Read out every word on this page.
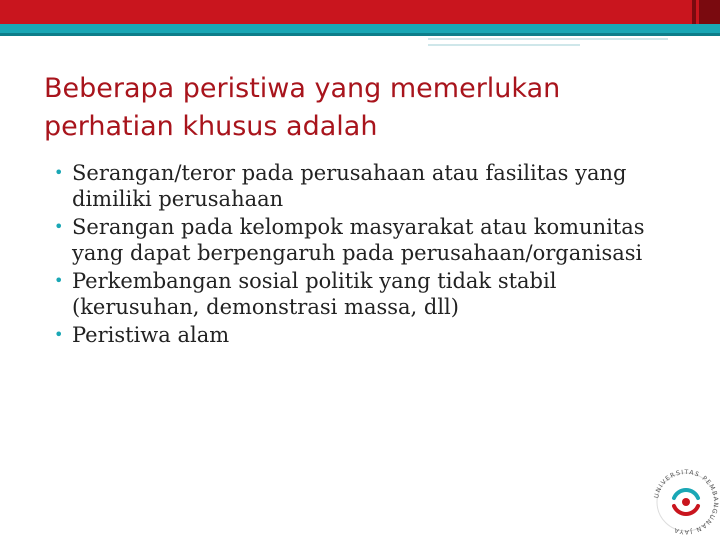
Beberapa peristiwa yang memerlukan perhatian khusus adalah
• Serangan/teror pada perusahaan atau fasilitas yang dimiliki perusahaan
• Serangan pada kelompok masyarakat atau komunitas yang dapat berpengaruh pada perusahaan/organisasi
• Perkembangan sosial politik yang tidak stabil (kerusuhan, demonstrasi massa, dll)
• Peristiwa alam
UNIVERSITAS PEMBANGUNAN JAYA
